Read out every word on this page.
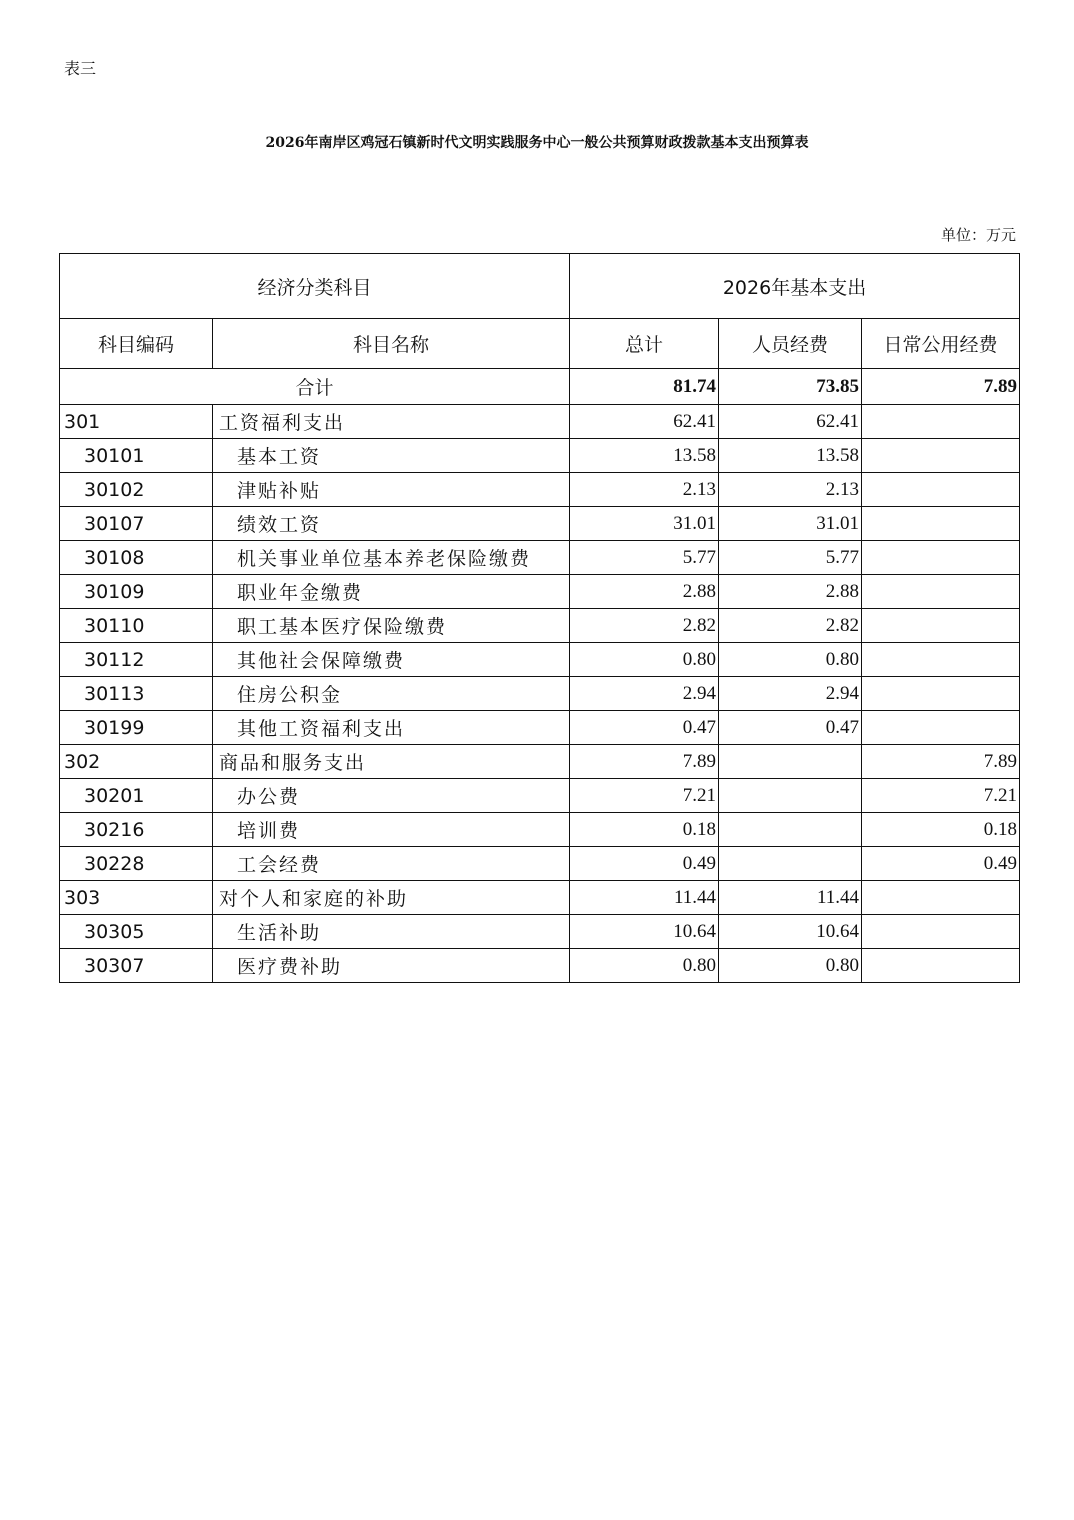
表三
2026年南岸区鸡冠石镇新时代文明实践服务中心一般公共预算财政拨款基本支出预算表
单位：万元
经济分类科目		2026年基本支出		
科目编码	科目名称	总计	人员经费	日常公用经费
合计		81.74	73.85	7.89
301	工资福利支出	62.41	62.41	
30101	基本工资	13.58	13.58	
30102	津贴补贴	2.13	2.13	
30107	绩效工资	31.01	31.01	
30108	机关事业单位基本养老保险缴费	5.77	5.77	
30109	职业年金缴费	2.88	2.88	
30110	职工基本医疗保险缴费	2.82	2.82	
30112	其他社会保障缴费	0.80	0.80	
30113	住房公积金	2.94	2.94	
30199	其他工资福利支出	0.47	0.47	
302	商品和服务支出	7.89		7.89
30201	办公费	7.21		7.21
30216	培训费	0.18		0.18
30228	工会经费	0.49		0.49
303	对个人和家庭的补助	11.44	11.44	
30305	生活补助	10.64	10.64	
30307	医疗费补助	0.80	0.80	
